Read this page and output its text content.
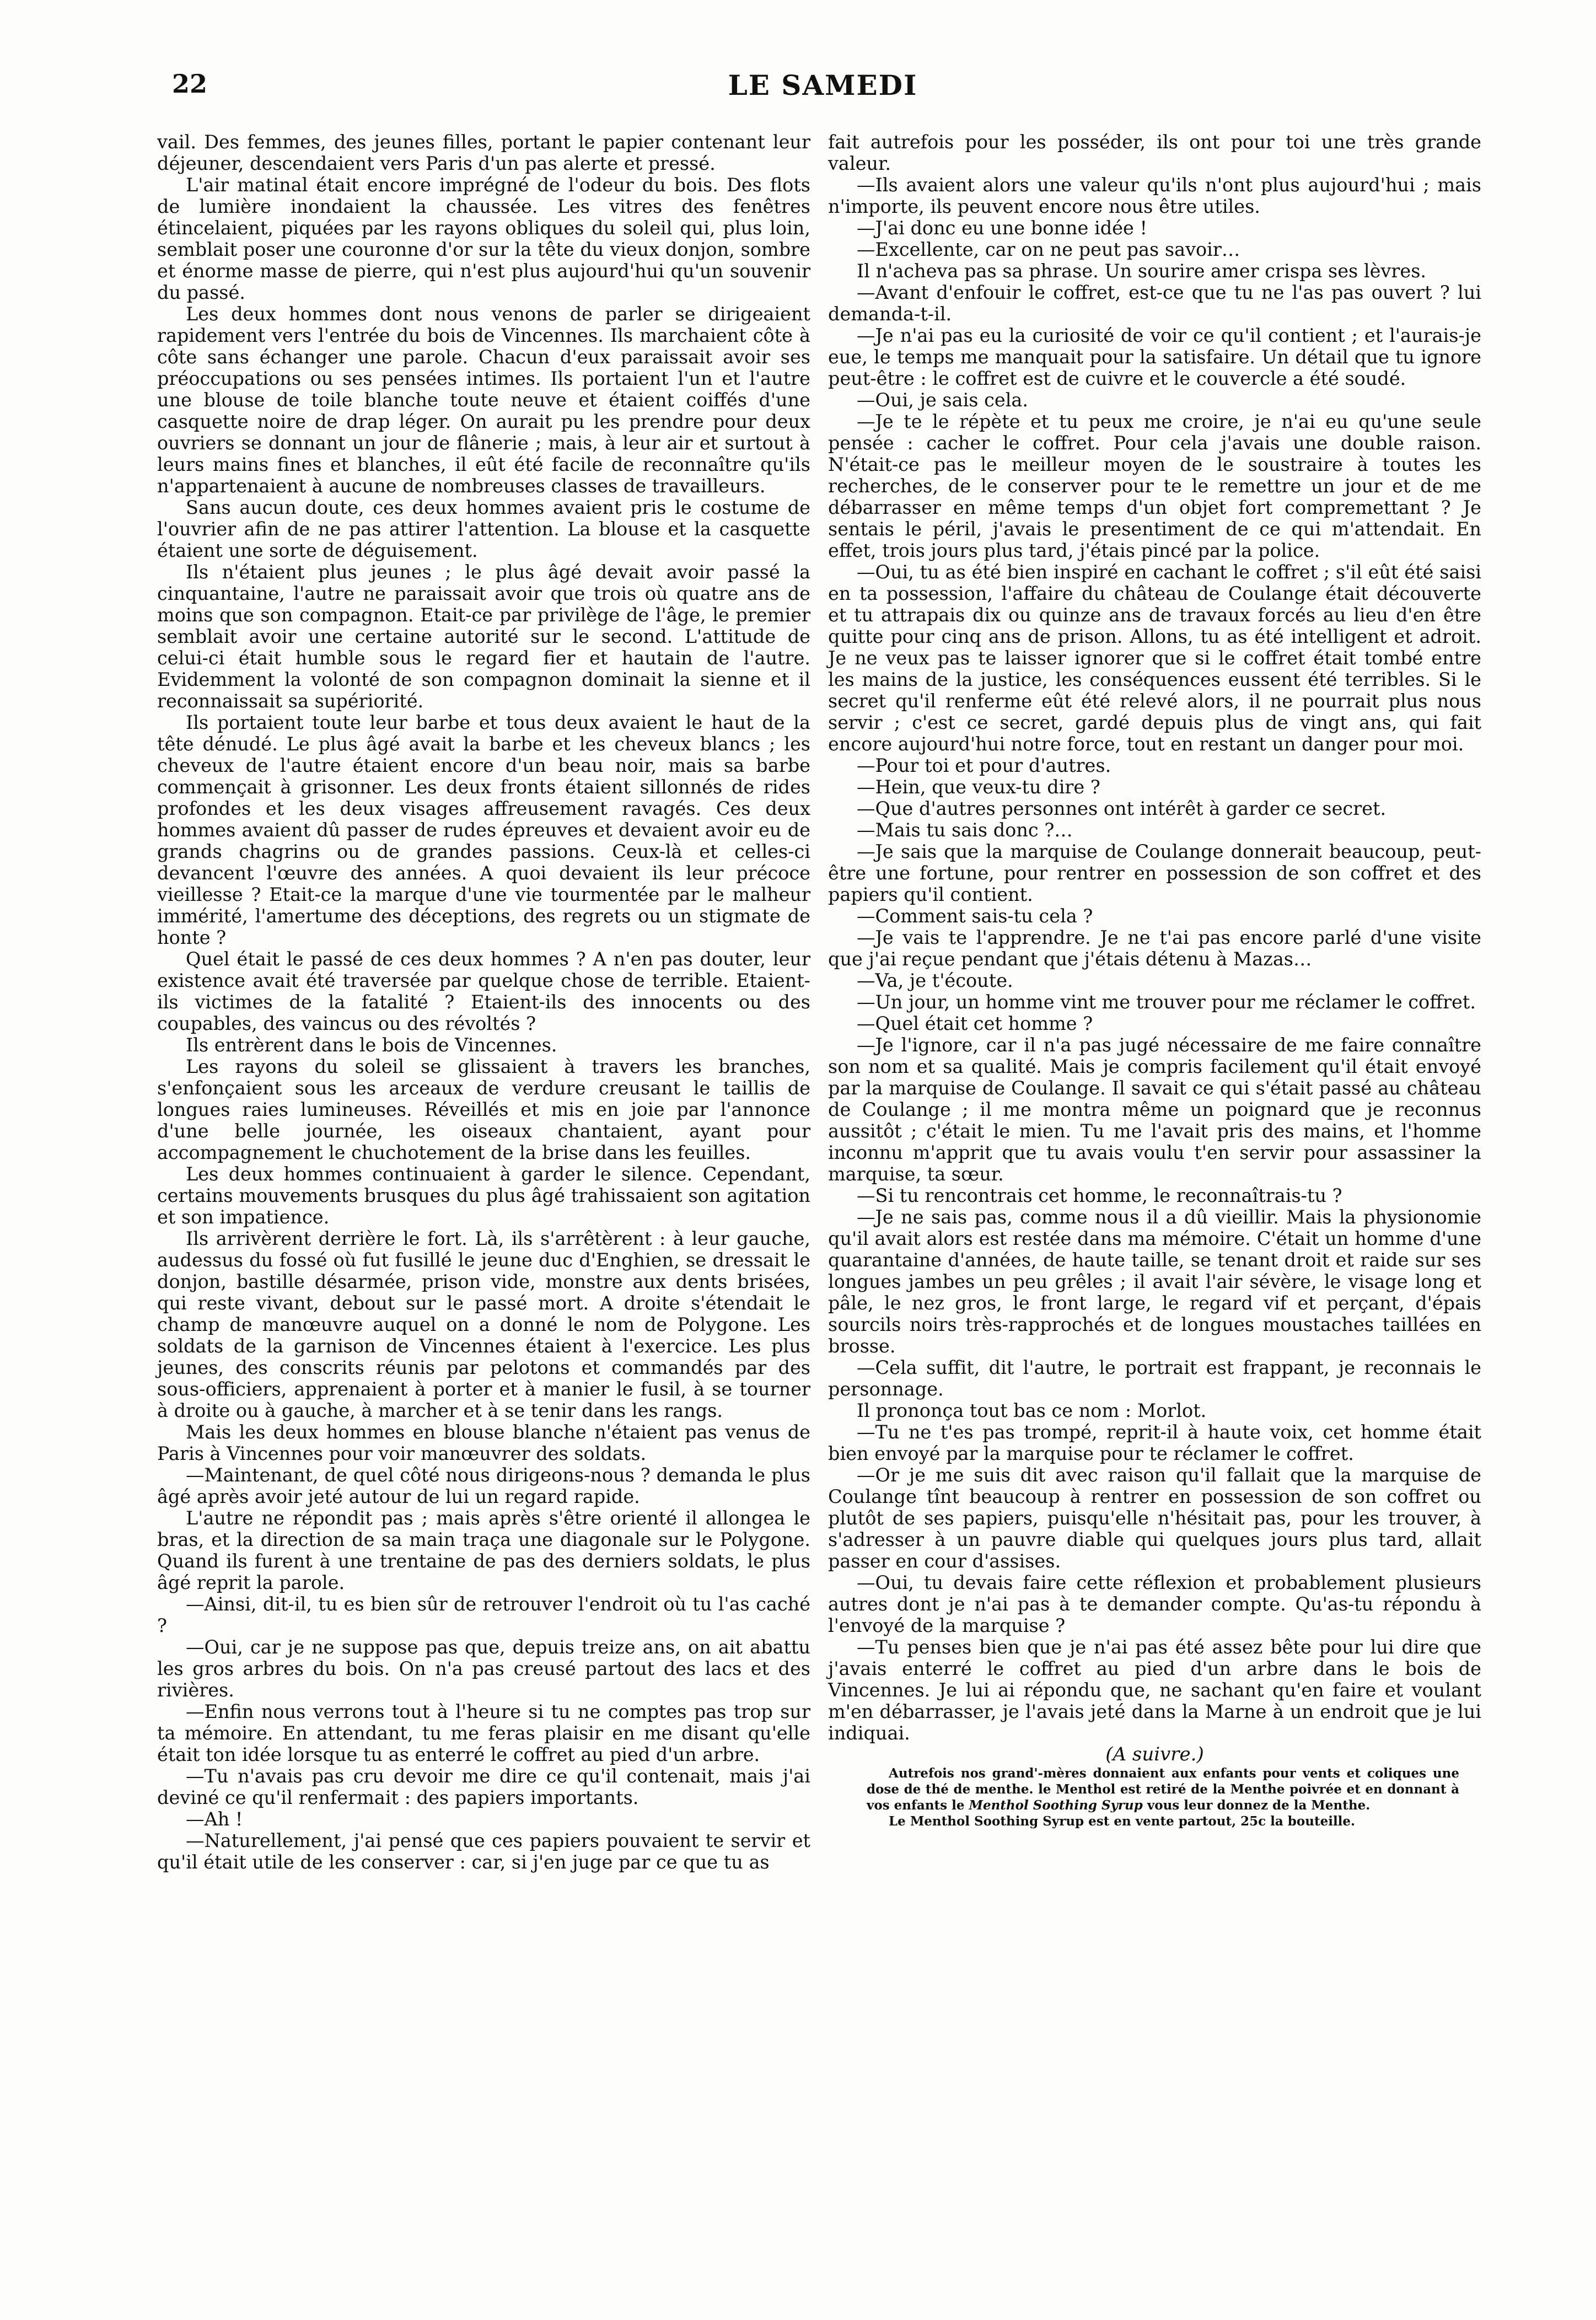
22	LE SAMEDI

vail. Des femmes, des jeunes filles, portant le papier contenant leur déjeuner, descendaient vers Paris d'un pas alerte et pressé.

L'air matinal était encore imprégné de l'odeur du bois. Des flots de lumière inondaient la chaussée. Les vitres des fenêtres étincelaient, piquées par les rayons obliques du soleil qui, plus loin, semblait poser une couronne d'or sur la tête du vieux donjon, sombre et énorme masse de pierre, qui n'est plus aujourd'hui qu'un souvenir du passé.

Les deux hommes dont nous venons de parler se dirigeaient rapidement vers l'entrée du bois de Vincennes. Ils marchaient côte à côte sans échanger une parole. Chacun d'eux paraissait avoir ses préoccupations ou ses pensées intimes. Ils portaient l'un et l'autre une blouse de toile blanche toute neuve et étaient coiffés d'une casquette noire de drap léger. On aurait pu les prendre pour deux ouvriers se donnant un jour de flânerie ; mais, à leur air et surtout à leurs mains fines et blanches, il eût été facile de reconnaître qu'ils n'appartenaient à aucune de nombreuses classes de travailleurs.

Sans aucun doute, ces deux hommes avaient pris le costume de l'ouvrier afin de ne pas attirer l'attention. La blouse et la casquette étaient une sorte de déguisement.

Ils n'étaient plus jeunes ; le plus âgé devait avoir passé la cinquantaine, l'autre ne paraissait avoir que trois où quatre ans de moins que son compagnon. Etait-ce par privilège de l'âge, le premier semblait avoir une certaine autorité sur le second. L'attitude de celui-ci était humble sous le regard fier et hautain de l'autre. Evidemment la volonté de son compagnon dominait la sienne et il reconnaissait sa supériorité.

Ils portaient toute leur barbe et tous deux avaient le haut de la tête dénudé. Le plus âgé avait la barbe et les cheveux blancs ; les cheveux de l'autre étaient encore d'un beau noir, mais sa barbe commençait à grisonner. Les deux fronts étaient sillonnés de rides profondes et les deux visages affreusement ravagés. Ces deux hommes avaient dû passer de rudes épreuves et devaient avoir eu de grands chagrins ou de grandes passions. Ceux-là et celles-ci devancent l'œuvre des années. A quoi devaient ils leur précoce vieillesse ? Etait-ce la marque d'une vie tourmentée par le malheur immérité, l'amertume des déceptions, des regrets ou un stigmate de honte ?

Quel était le passé de ces deux hommes ? A n'en pas douter, leur existence avait été traversée par quelque chose de terrible. Etaient-ils victimes de la fatalité ? Etaient-ils des innocents ou des coupables, des vaincus ou des révoltés ?

Ils entrèrent dans le bois de Vincennes.

Les rayons du soleil se glissaient à travers les branches, s'enfonçaient sous les arceaux de verdure creusant le taillis de longues raies lumineuses. Réveillés et mis en joie par l'annonce d'une belle journée, les oiseaux chantaient, ayant pour accompagnement le chuchotement de la brise dans les feuilles.

Les deux hommes continuaient à garder le silence. Cependant, certains mouvements brusques du plus âgé trahissaient son agitation et son impatience.

Ils arrivèrent derrière le fort. Là, ils s'arrêtèrent : à leur gauche, audessus du fossé où fut fusillé le jeune duc d'Enghien, se dressait le donjon, bastille désarmée, prison vide, monstre aux dents brisées, qui reste vivant, debout sur le passé mort. A droite s'étendait le champ de manœuvre auquel on a donné le nom de Polygone. Les soldats de la garnison de Vincennes étaient à l'exercice. Les plus jeunes, des conscrits réunis par pelotons et commandés par des sous-officiers, apprenaient à porter et à manier le fusil, à se tourner à droite ou à gauche, à marcher et à se tenir dans les rangs.

Mais les deux hommes en blouse blanche n'étaient pas venus de Paris à Vincennes pour voir manœuvrer des soldats.

—Maintenant, de quel côté nous dirigeons-nous ? demanda le plus âgé après avoir jeté autour de lui un regard rapide.

L'autre ne répondit pas ; mais après s'être orienté il allongea le bras, et la direction de sa main traça une diagonale sur le Polygone. Quand ils furent à une trentaine de pas des derniers soldats, le plus âgé reprit la parole.

—Ainsi, dit-il, tu es bien sûr de retrouver l'endroit où tu l'as caché ?

—Oui, car je ne suppose pas que, depuis treize ans, on ait abattu les gros arbres du bois. On n'a pas creusé partout des lacs et des rivières.

—Enfin nous verrons tout à l'heure si tu ne comptes pas trop sur ta mémoire. En attendant, tu me feras plaisir en me disant qu'elle était ton idée lorsque tu as enterré le coffret au pied d'un arbre.

—Tu n'avais pas cru devoir me dire ce qu'il contenait, mais j'ai deviné ce qu'il renfermait : des papiers importants.

—Ah !

—Naturellement, j'ai pensé que ces papiers pouvaient te servir et qu'il était utile de les conserver : car, si j'en juge par ce que tu as

fait autrefois pour les posséder, ils ont pour toi une très grande valeur.

—Ils avaient alors une valeur qu'ils n'ont plus aujourd'hui ; mais n'importe, ils peuvent encore nous être utiles.

—J'ai donc eu une bonne idée !

—Excellente, car on ne peut pas savoir…

Il n'acheva pas sa phrase. Un sourire amer crispa ses lèvres.

—Avant d'enfouir le coffret, est-ce que tu ne l'as pas ouvert ? lui demanda-t-il.

—Je n'ai pas eu la curiosité de voir ce qu'il contient ; et l'aurais-je eue, le temps me manquait pour la satisfaire. Un détail que tu ignore peut-être : le coffret est de cuivre et le couvercle a été soudé.

—Oui, je sais cela.

—Je te le répète et tu peux me croire, je n'ai eu qu'une seule pensée : cacher le coffret. Pour cela j'avais une double raison. N'était-ce pas le meilleur moyen de le soustraire à toutes les recherches, de le conserver pour te le remettre un jour et de me débarrasser en même temps d'un objet fort compremettant ? Je sentais le péril, j'avais le presentiment de ce qui m'attendait. En effet, trois jours plus tard, j'étais pincé par la police.

—Oui, tu as été bien inspiré en cachant le coffret ; s'il eût été saisi en ta possession, l'affaire du château de Coulange était découverte et tu attrapais dix ou quinze ans de travaux forcés au lieu d'en être quitte pour cinq ans de prison. Allons, tu as été intelligent et adroit. Je ne veux pas te laisser ignorer que si le coffret était tombé entre les mains de la justice, les conséquences eussent été terribles. Si le secret qu'il renferme eût été relevé alors, il ne pourrait plus nous servir ; c'est ce secret, gardé depuis plus de vingt ans, qui fait encore aujourd'hui notre force, tout en restant un danger pour moi.

—Pour toi et pour d'autres.

—Hein, que veux-tu dire ?

—Que d'autres personnes ont intérêt à garder ce secret.

—Mais tu sais donc ?…

—Je sais que la marquise de Coulange donnerait beaucoup, peut-être une fortune, pour rentrer en possession de son coffret et des papiers qu'il contient.

—Comment sais-tu cela ?

—Je vais te l'apprendre. Je ne t'ai pas encore parlé d'une visite que j'ai reçue pendant que j'étais détenu à Mazas…

—Va, je t'écoute.

—Un jour, un homme vint me trouver pour me réclamer le coffret.

—Quel était cet homme ?

—Je l'ignore, car il n'a pas jugé nécessaire de me faire connaître son nom et sa qualité. Mais je compris facilement qu'il était envoyé par la marquise de Coulange. Il savait ce qui s'était passé au château de Coulange ; il me montra même un poignard que je reconnus aussitôt ; c'était le mien. Tu me l'avait pris des mains, et l'homme inconnu m'apprit que tu avais voulu t'en servir pour assassiner la marquise, ta sœur.

—Si tu rencontrais cet homme, le reconnaîtrais-tu ?

—Je ne sais pas, comme nous il a dû vieillir. Mais la physionomie qu'il avait alors est restée dans ma mémoire. C'était un homme d'une quarantaine d'années, de haute taille, se tenant droit et raide sur ses longues jambes un peu grêles ; il avait l'air sévère, le visage long et pâle, le nez gros, le front large, le regard vif et perçant, d'épais sourcils noirs très-rapprochés et de longues moustaches taillées en brosse.

—Cela suffit, dit l'autre, le portrait est frappant, je reconnais le personnage.

Il prononça tout bas ce nom : Morlot.

—Tu ne t'es pas trompé, reprit-il à haute voix, cet homme était bien envoyé par la marquise pour te réclamer le coffret.

—Or je me suis dit avec raison qu'il fallait que la marquise de Coulange tînt beaucoup à rentrer en possession de son coffret ou plutôt de ses papiers, puisqu'elle n'hésitait pas, pour les trouver, à s'adresser à un pauvre diable qui quelques jours plus tard, allait passer en cour d'assises.

—Oui, tu devais faire cette réflexion et probablement plusieurs autres dont je n'ai pas à te demander compte. Qu'as-tu répondu à l'envoyé de la marquise ?

—Tu penses bien que je n'ai pas été assez bête pour lui dire que j'avais enterré le coffret au pied d'un arbre dans le bois de Vincennes. Je lui ai répondu que, ne sachant qu'en faire et voulant m'en débarrasser, je l'avais jeté dans la Marne à un endroit que je lui indiquai.

(A suivre.)

Autrefois nos grand'-mères donnaient aux enfants pour vents et coliques une dose de thé de menthe. le Menthol est retiré de la Menthe poivrée et en donnant à vos enfants le Menthol Soothing Syrup vous leur donnez de la Menthe.

Le Menthol Soothing Syrup est en vente partout, 25c la bouteille.
